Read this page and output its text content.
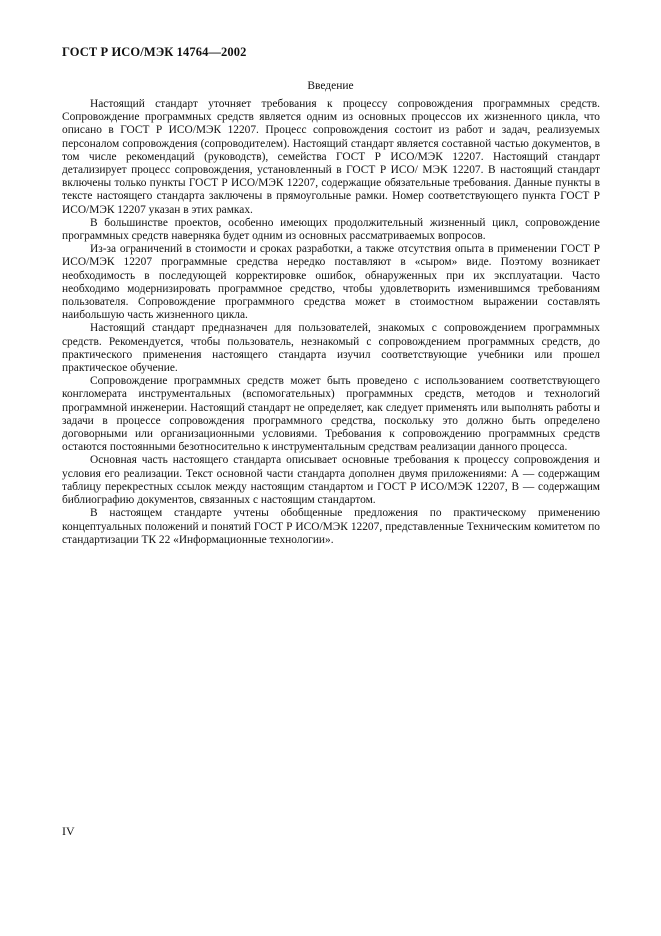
ГОСТ Р ИСО/МЭК 14764—2002
Введение

Настоящий стандарт уточняет требования к процессу сопровождения программных средств. Сопровождение программных средств является одним из основных процессов их жизненного цикла, что описано в ГОСТ Р ИСО/МЭК 12207. Процесс сопровождения состоит из работ и задач, реализуемых персоналом сопровождения (сопроводителем). Настоящий стандарт является составной частью документов, в том числе рекомендаций (руководств), семейства ГОСТ Р ИСО/МЭК 12207. Настоящий стандарт детализирует процесс сопровождения, установленный в ГОСТ Р ИСО/ МЭК 12207. В настоящий стандарт включены только пункты ГОСТ Р ИСО/МЭК 12207, содержащие обязательные требования. Данные пункты в тексте настоящего стандарта заключены в прямоугольные рамки. Номер соответствующего пункта ГОСТ Р ИСО/МЭК 12207 указан в этих рамках.

В большинстве проектов, особенно имеющих продолжительный жизненный цикл, сопровождение программных средств наверняка будет одним из основных рассматриваемых вопросов.

Из-за ограничений в стоимости и сроках разработки, а также отсутствия опыта в применении ГОСТ Р ИСО/МЭК 12207 программные средства нередко поставляют в «сыром» виде. Поэтому возникает необходимость в последующей корректировке ошибок, обнаруженных при их эксплуатации. Часто необходимо модернизировать программное средство, чтобы удовлетворить изменившимся требованиям пользователя. Сопровождение программного средства может в стоимостном выражении составлять наибольшую часть жизненного цикла.

Настоящий стандарт предназначен для пользователей, знакомых с сопровождением программных средств. Рекомендуется, чтобы пользователь, незнакомый с сопровождением программных средств, до практического применения настоящего стандарта изучил соответствующие учебники или прошел практическое обучение.

Сопровождение программных средств может быть проведено с использованием соответствующего конгломерата инструментальных (вспомогательных) программных средств, методов и технологий программной инженерии. Настоящий стандарт не определяет, как следует применять или выполнять работы и задачи в процессе сопровождения программного средства, поскольку это должно быть определено договорными или организационными условиями. Требования к сопровождению программных средств остаются постоянными безотносительно к инструментальным средствам реализации данного процесса.

Основная часть настоящего стандарта описывает основные требования к процессу сопровождения и условия его реализации. Текст основной части стандарта дополнен двумя приложениями: А — содержащим таблицу перекрестных ссылок между настоящим стандартом и ГОСТ Р ИСО/МЭК 12207, В — содержащим библиографию документов, связанных с настоящим стандартом.

В настоящем стандарте учтены обобщенные предложения по практическому применению концептуальных положений и понятий ГОСТ Р ИСО/МЭК 12207, представленные Техническим комитетом по стандартизации ТК 22 «Информационные технологии».

IV
